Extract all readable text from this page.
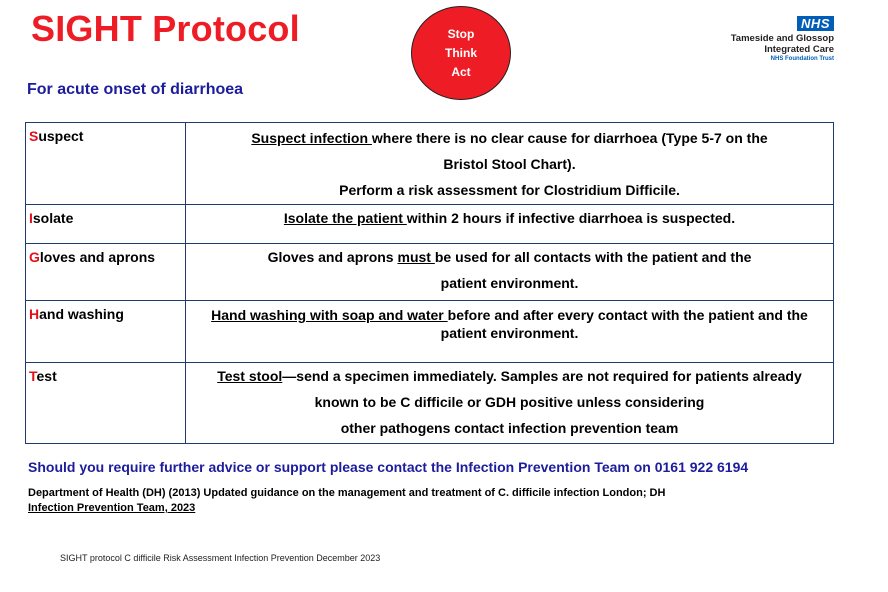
SIGHT Protocol	Stop
Think
Act
NHS
Tameside and Glossop
Integrated Care
NHS Foundation Trust
For acute onset of diarrhoea
Suspect	Suspect infection where there is no clear cause for diarrhoea (Type 5-7 on the
Bristol Stool Chart).
Perform a risk assessment for Clostridium Difficile.

Isolate	Isolate the patient within 2 hours if infective diarrhoea is suspected.

Gloves and aprons	Gloves and aprons must be used for all contacts with the patient and the
patient environment.

Hand washing	Hand washing with soap and water before and after every contact with the patient and the
patient environment.

Test	Test stool—send a specimen immediately. Samples are not required for patients already
known to be C difficile or GDH positive unless considering
other pathogens contact infection prevention team

Should you require further advice or support please contact the Infection Prevention Team on 0161 922 6194

Department of Health (DH) (2013) Updated guidance on the management and treatment of C. difficile infection London; DH
Infection Prevention Team, 2023

SIGHT protocol C difficile Risk Assessment Infection Prevention December 2023
